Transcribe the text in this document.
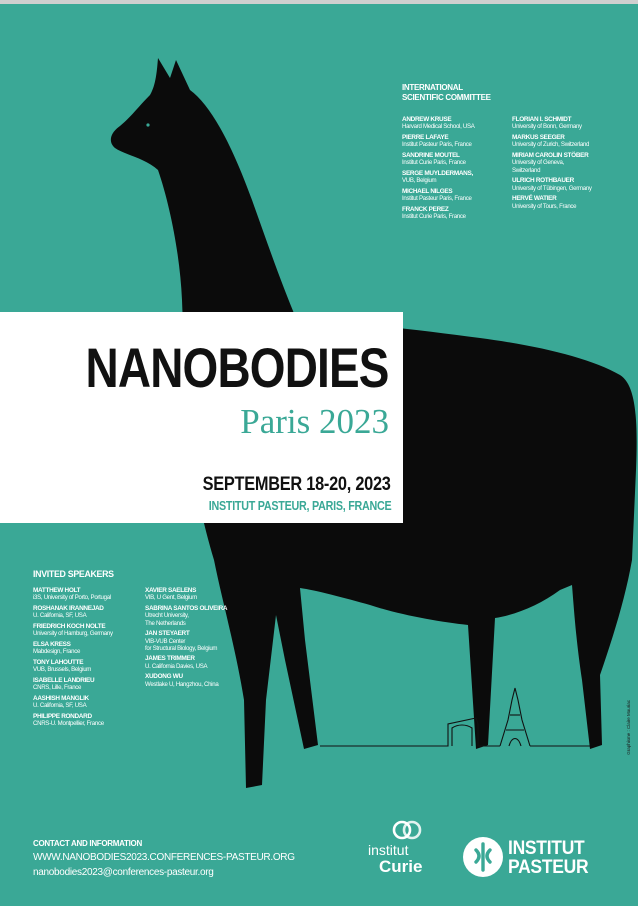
INTERNATIONAL
SCIENTIFIC COMMITTEE
ANDREW KRUSE
Harvard Medical School, USA
PIERRE LAFAYE
Institut Pasteur Paris, France
SANDRINE MOUTEL
Institut Curie Paris, France
SERGE MUYLDERMANS,
VUB, Belgium
MICHAEL NILGES
Institut Pasteur Paris, France
FRANCK PEREZ
Institut Curie Paris, France
FLORIAN I. SCHMIDT
University of Bonn, Germany
MARKUS SEEGER
University of Zurich, Switzerland
MIRIAM CAROLIN STÖBER
University of Geneva,
Switzerland
ULRICH ROTHBAUER
University of Tübingen, Germany
HERVÉ WATIER
University of Tours, France
NANOBODIES
Paris 2023
SEPTEMBER 18-20, 2023
INSTITUT PASTEUR, PARIS, FRANCE
INVITED SPEAKERS
MATTHEW HOLT
i3S, University of Porto, Portugal
ROSHANAK IRANNEJAD
U. California, SF, USA
FRIEDRICH KOCH NOLTE
University of Hamburg, Germany
ELSA KRESS
Mabdesign, France
TONY LAHOUTTE
VUB, Brussels, Belgium
ISABELLE LANDRIEU
CNRS, Lille, France
AASHISH MANGLIK
U. California, SF, USA
PHILIPPE RONDARD
CNRS-U. Montpellier, France
XAVIER SAELENS
VIB, U Gent, Belgium
SABRINA SANTOS OLIVEIRA
Utrecht University,
The Netherlands
JAN STEYAERT
VIB-VUB Center
for Structural Biology, Belgium
JAMES TRIMMER
U. California Davies, USA
XUDONG WU
Westlake U, Hangzhou, China
CONTACT AND INFORMATION
WWW.NANOBODIES2023.CONFERENCES-PASTEUR.ORG
nanobodies2023@conferences-pasteur.org
institut
Curie
INSTITUT
PASTEUR
Graphisme : Claire Mauriac
